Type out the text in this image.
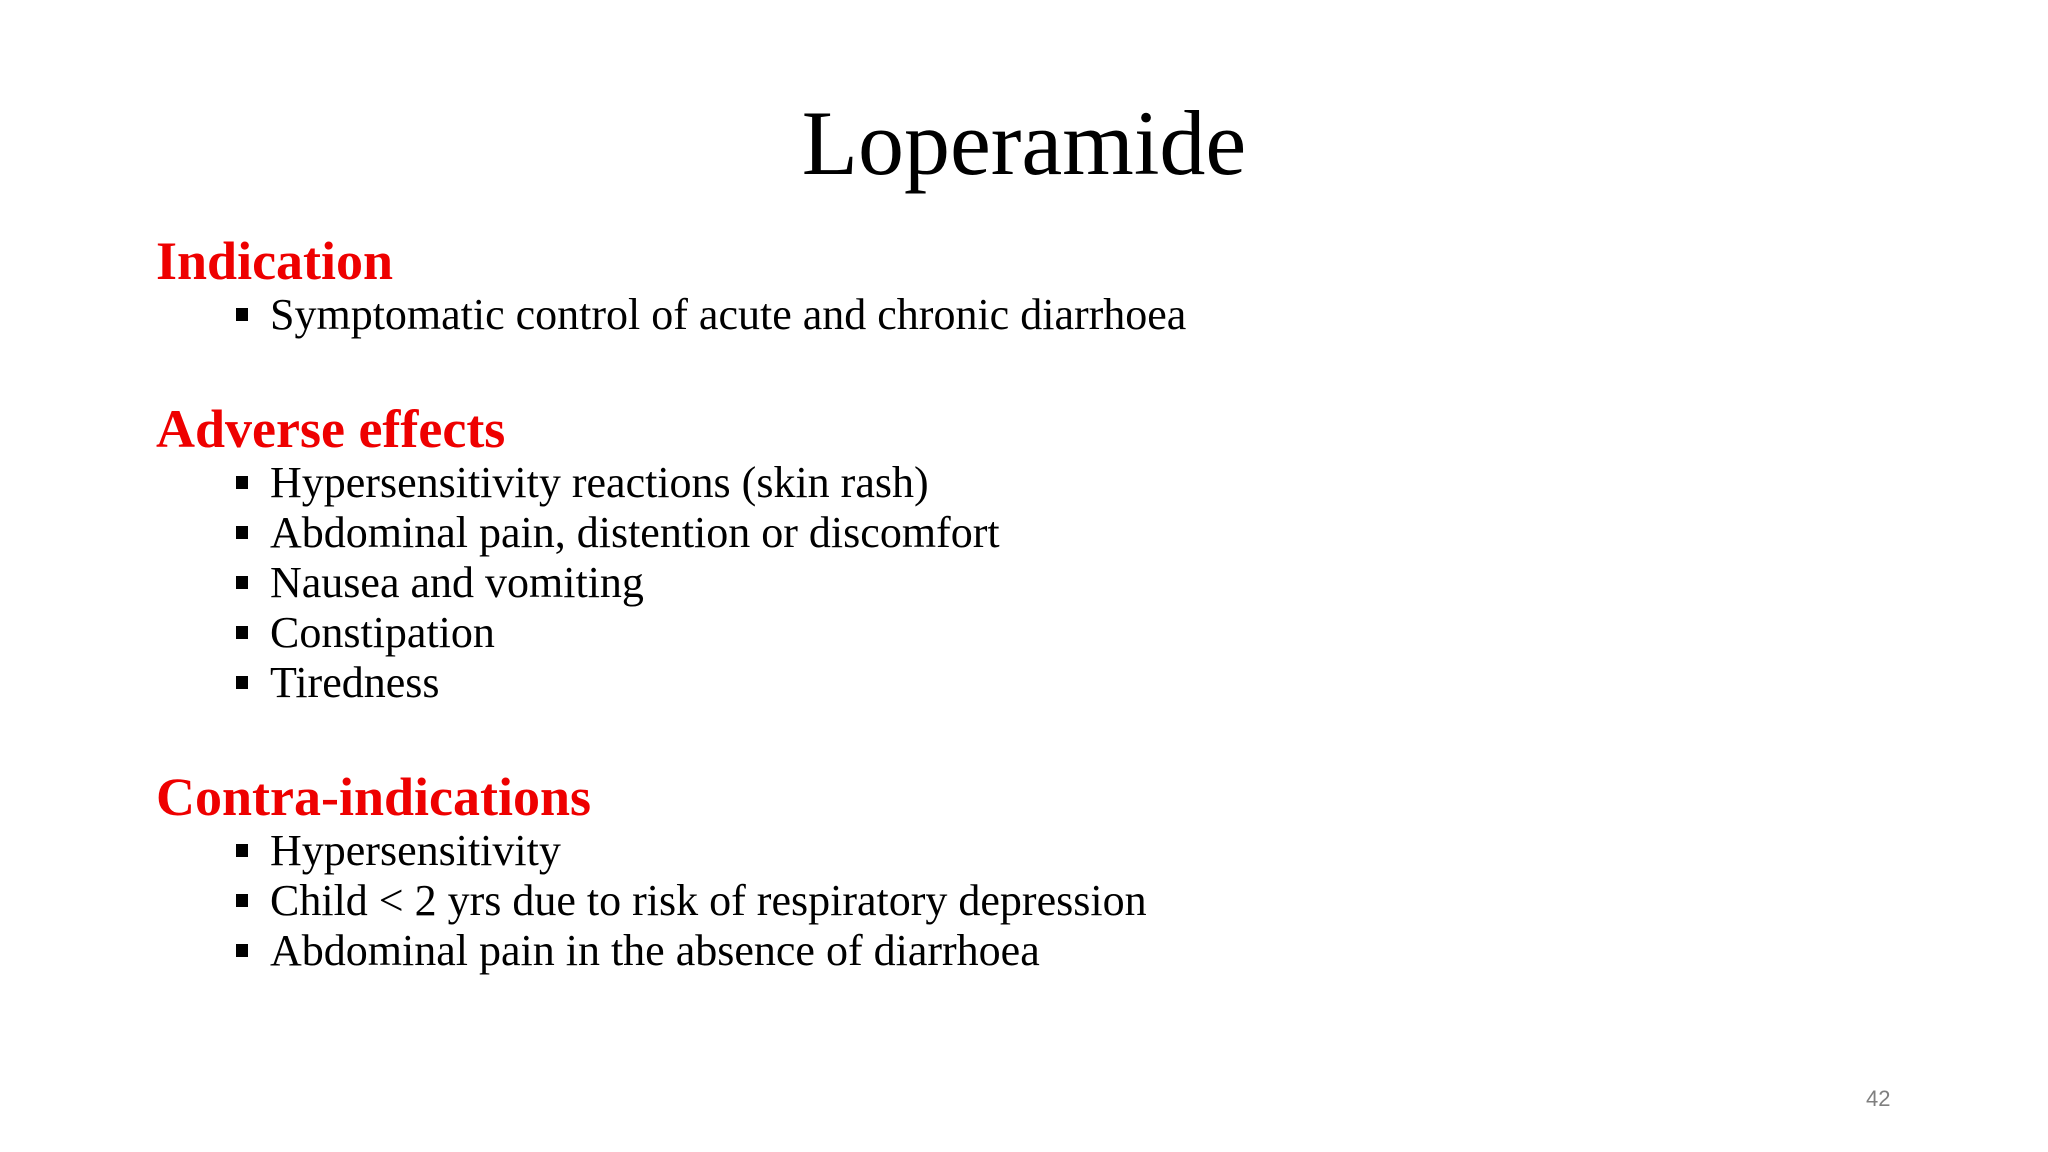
Loperamide
Indication
Symptomatic control of acute and chronic diarrhoea
Adverse effects
Hypersensitivity reactions (skin rash)
Abdominal pain, distention or discomfort
Nausea and vomiting
Constipation
Tiredness
Contra-indications
Hypersensitivity
Child < 2 yrs due to risk of respiratory depression
Abdominal pain in the absence of diarrhoea
42
